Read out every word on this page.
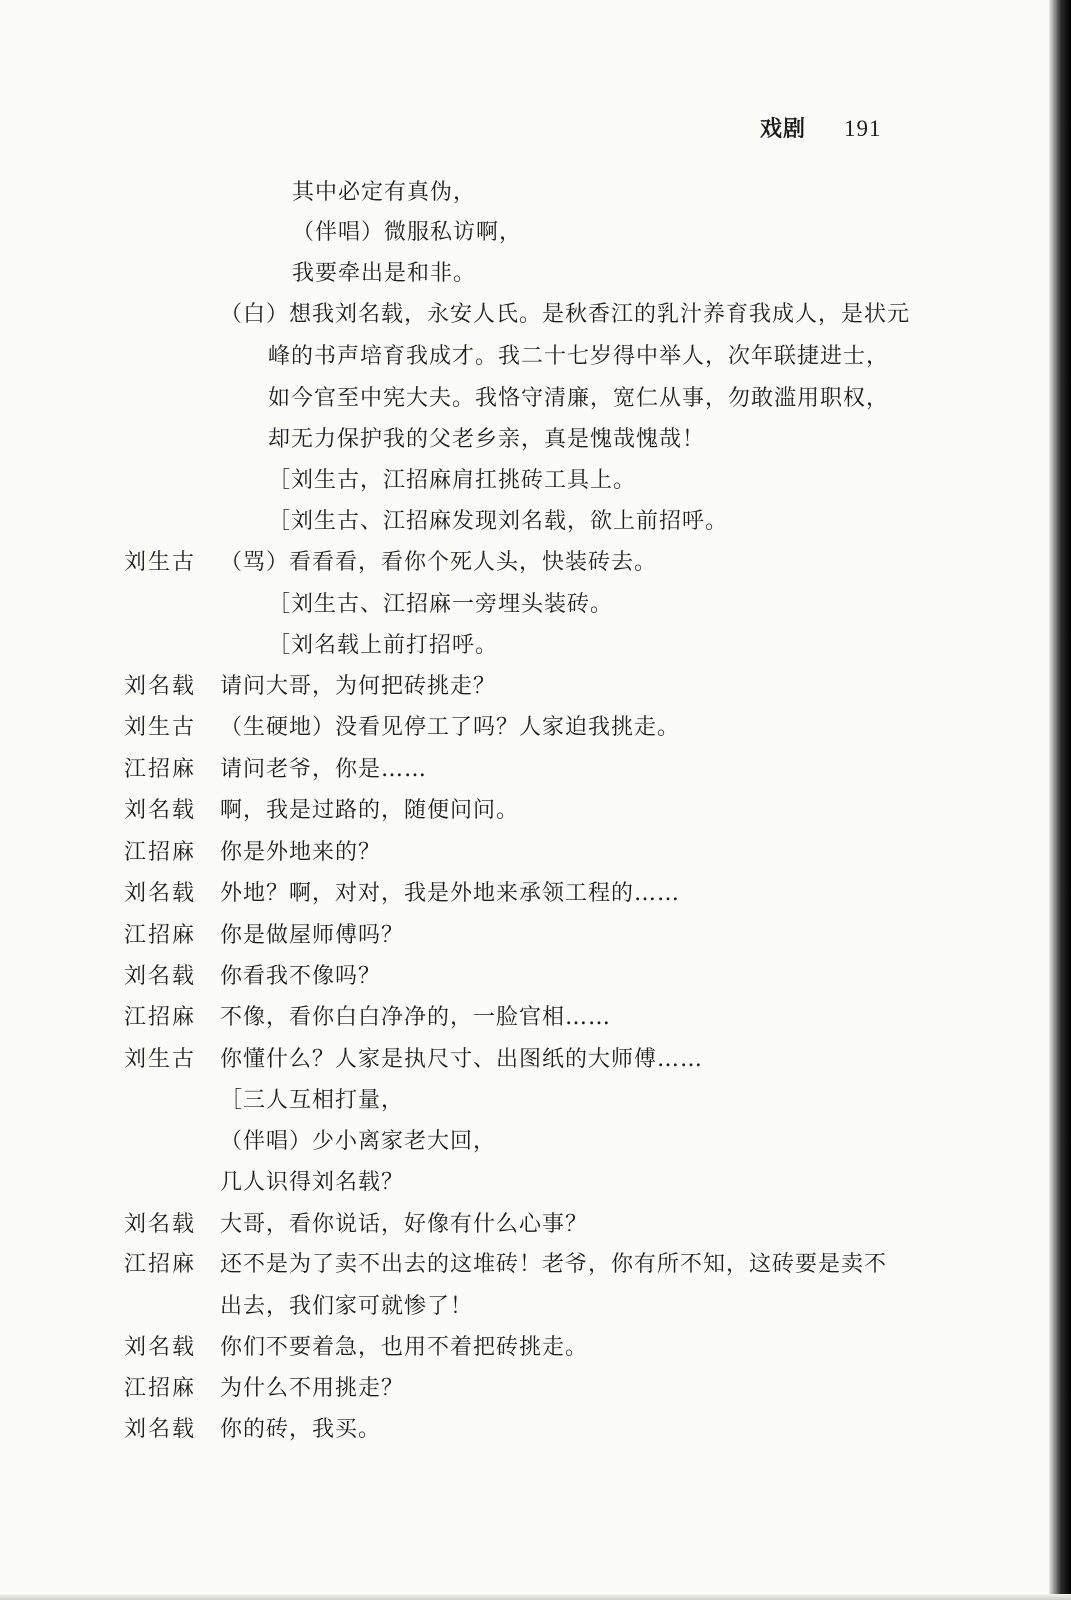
戏剧 191
其中必定有真伪，
（伴唱）微服私访啊，
我要牵出是和非。
（白）想我刘名载，永安人氏。是秋香江的乳汁养育我成人，是状元
峰的书声培育我成才。我二十七岁得中举人，次年联捷进士，
如今官至中宪大夫。我恪守清廉，宽仁从事，勿敢滥用职权，
却无力保护我的父老乡亲，真是愧哉愧哉！
［刘生古，江招麻肩扛挑砖工具上。
［刘生古、江招麻发现刘名载，欲上前招呼。
刘生古 （骂）看看看，看你个死人头，快装砖去。
［刘生古、江招麻一旁埋头装砖。
［刘名载上前打招呼。
刘名载 请问大哥，为何把砖挑走？
刘生古 （生硬地）没看见停工了吗？人家迫我挑走。
江招麻 请问老爷，你是……
刘名载 啊，我是过路的，随便问问。
江招麻 你是外地来的？
刘名载 外地？啊，对对，我是外地来承领工程的……
江招麻 你是做屋师傅吗？
刘名载 你看我不像吗？
江招麻 不像，看你白白净净的，一脸官相……
刘生古 你懂什么？人家是执尺寸、出图纸的大师傅……
［三人互相打量，
（伴唱）少小离家老大回，
几人识得刘名载？
刘名载 大哥，看你说话，好像有什么心事？
江招麻 还不是为了卖不出去的这堆砖！老爷，你有所不知，这砖要是卖不
出去，我们家可就惨了！
刘名载 你们不要着急，也用不着把砖挑走。
江招麻 为什么不用挑走？
刘名载 你的砖，我买。
